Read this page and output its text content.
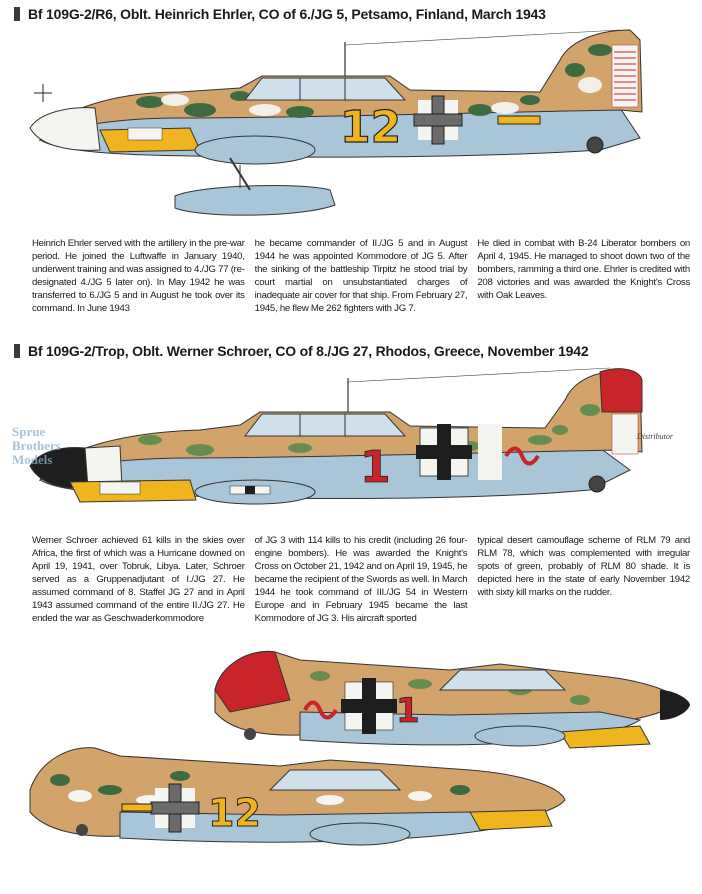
Bf 109G-2/R6, Oblt. Heinrich Ehrler, CO of 6./JG 5, Petsamo, Finland, March 1943
12
Heinrich Ehrler served with the artillery in the pre-war period. He joined the Luftwaffe in January 1940, underwent training and was assigned to 4./JG 77 (re-designated 4./JG 5 later on). In May 1942 he was transferred to 6./JG 5 and in August he took over its command. In June 1943
he became commander of II./JG 5 and in August 1944 he was appointed Kommodore of JG 5. After the sinking of the battleship Tirpitz he stood trial by court martial on unsubstantiated charges of inadequate air cover for that ship. From February 27, 1945, he flew Me 262 fighters with JG 7.
He died in combat with B-24 Liberator bombers on April 4, 1945. He managed to shoot down two of the bombers, ramming a third one. Ehrler is credited with 208 victories and was awarded the Knight's Cross with Oak Leaves.
Bf 109G-2/Trop, Oblt. Werner Schroer, CO of 8./JG 27, Rhodos, Greece, November 1942
1
Sprue
Brothers
Models
Distributor
Werner Schroer achieved 61 kills in the skies over Africa, the first of which was a Hurricane downed on April 19, 1941, over Tobruk, Libya. Later, Schroer served as a Gruppenadjutant of I./JG 27. He assumed command of 8. Staffel JG 27 and in April 1943 assumed command of the entire II./JG 27. He ended the war as Geschwaderkommodore
of JG 3 with 114 kills to his credit (including 26 four-engine bombers). He was awarded the Knight's Cross on October 21, 1942 and on April 19, 1945, he became the recipient of the Swords as well. In March 1944 he took command of III./JG 54 in Western Europe and in February 1945 became the last Kommodore of JG 3. His aircraft sported
typical desert camouflage scheme of RLM 79 and RLM 78, which was complemented with irregular spots of green, probably of RLM 80 shade. It is depicted here in the state of early November 1942 with sixty kill marks on the rudder.
1
12
